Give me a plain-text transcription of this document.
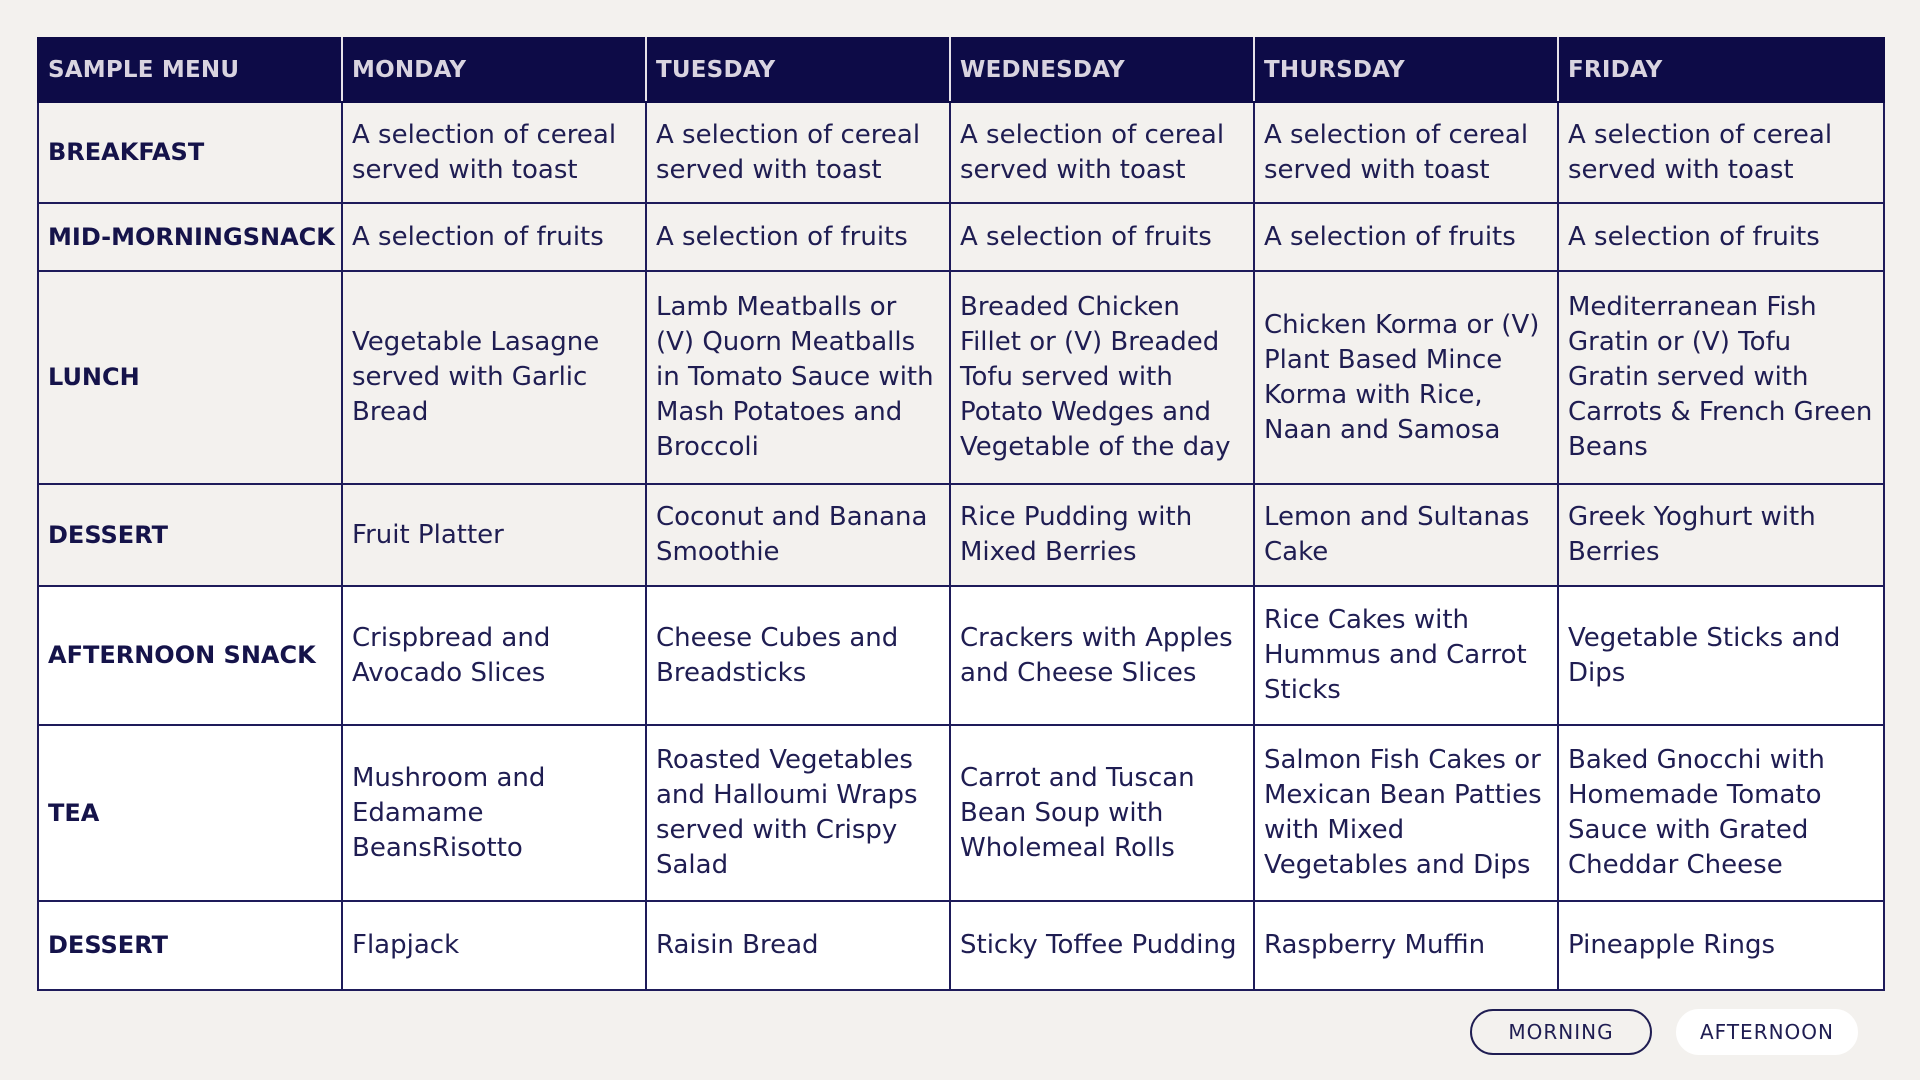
SAMPLE MENU	MONDAY	TUESDAY	WEDNESDAY	THURSDAY	FRIDAY
BREAKFAST	A selection of cereal served with toast	A selection of cereal served with toast	A selection of cereal served with toast	A selection of cereal served with toast	A selection of cereal served with toast
MID-MORNINGSNACK	A selection of fruits	A selection of fruits	A selection of fruits	A selection of fruits	A selection of fruits
LUNCH	Vegetable Lasagne served with Garlic Bread	Lamb Meatballs or (V) Quorn Meatballs in Tomato Sauce with Mash Potatoes and Broccoli	Breaded Chicken Fillet or (V) Breaded Tofu served with Potato Wedges and Vegetable of the day	Chicken Korma or (V) Plant Based Mince Korma with Rice, Naan and Samosa	Mediterranean Fish Gratin or (V) Tofu Gratin served with Carrots & French Green Beans
DESSERT	Fruit Platter	Coconut and Banana Smoothie	Rice Pudding with Mixed Berries	Lemon and Sultanas Cake	Greek Yoghurt with Berries
AFTERNOON SNACK	Crispbread and Avocado Slices	Cheese Cubes and Breadsticks	Crackers with Apples and Cheese Slices	Rice Cakes with Hummus and Carrot Sticks	Vegetable Sticks and Dips
TEA	Mushroom and Edamame BeansRisotto	Roasted Vegetables and Halloumi Wraps served with Crispy Salad	Carrot and Tuscan Bean Soup with Wholemeal Rolls	Salmon Fish Cakes or Mexican Bean Patties with Mixed Vegetables and Dips	Baked Gnocchi with Homemade Tomato Sauce with Grated Cheddar Cheese
DESSERT	Flapjack	Raisin Bread	Sticky Toffee Pudding	Raspberry Muffin	Pineapple Rings
MORNING	AFTERNOON
